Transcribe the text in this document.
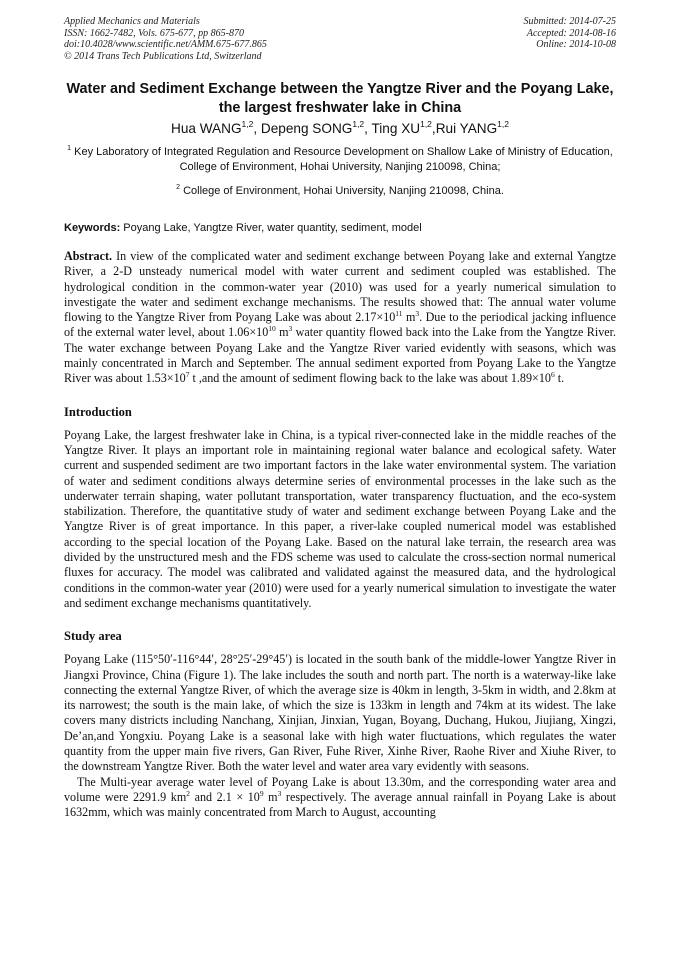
Applied Mechanics and Materials
ISSN: 1662-7482, Vols. 675-677, pp 865-870
doi:10.4028/www.scientific.net/AMM.675-677.865
© 2014 Trans Tech Publications Ltd, Switzerland
Submitted: 2014-07-25
Accepted: 2014-08-16
Online: 2014-10-08
Water and Sediment Exchange between the Yangtze River and the Poyang Lake, the largest freshwater lake in China
Hua WANG$^{1,2}$, Depeng SONG$^{1,2}$, Ting XU$^{1,2}$,Rui YANG$^{1,2}$
$^1$ Key Laboratory of Integrated Regulation and Resource Development on Shallow Lake of Ministry of Education, College of Environment, Hohai University, Nanjing 210098, China;
$^2$ College of Environment, Hohai University, Nanjing 210098, China.
Keywords: Poyang Lake, Yangtze River, water quantity, sediment, model
Abstract. In view of the complicated water and sediment exchange between Poyang lake and external Yangtze River, a 2-D unsteady numerical model with water current and sediment coupled was established. The hydrological condition in the common-water year (2010) was used for a yearly numerical simulation to investigate the water and sediment exchange mechanisms. The results showed that: The annual water volume flowing to the Yangtze River from Poyang Lake was about $2.17\times 10^{11}$ $m^3$. Due to the periodical jacking influence of the external water level, about $1.06\times 10^{10}$ $m^3$ water quantity flowed back into the Lake from the Yangtze River. The water exchange between Poyang Lake and the Yangtze River varied evidently with seasons, which was mainly concentrated in March and September. The annual sediment exported from Poyang Lake to the Yangtze River was about $1.53\times 10^7$ t ,and the amount of sediment flowing back to the lake was about $1.89\times 10^6$ t.
Introduction
Poyang Lake, the largest freshwater lake in China, is a typical river-connected lake in the middle reaches of the Yangtze River. It plays an important role in maintaining regional water balance and ecological safety. Water current and suspended sediment are two important factors in the lake water environmental system. The variation of water and sediment conditions always determine series of environmental processes in the lake such as the underwater terrain shaping, water pollutant transportation, water transparency fluctuation, and the eco-system stabilization. Therefore, the quantitative study of water and sediment exchange between Poyang Lake and the Yangtze River is of great importance. In this paper, a river-lake coupled numerical model was established according to the special location of the Poyang Lake. Based on the natural lake terrain, the research area was divided by the unstructured mesh and the FDS scheme was used to calculate the cross-section normal numerical fluxes for accuracy. The model was calibrated and validated against the measured data, and the hydrological conditions in the common-water year (2010) were used for a yearly numerical simulation to investigate the water and sediment exchange mechanisms quantitatively.
Study area
Poyang Lake (115°50′-116°44′, 28°25′-29°45′) is located in the south bank of the middle-lower Yangtze River in Jiangxi Province, China (Figure 1). The lake includes the south and north part. The north is a waterway-like lake connecting the external Yangtze River, of which the average size is 40km in length, 3-5km in width, and 2.8km at its narrowest; the south is the main lake, of which the size is 133km in length and 74km at its widest. The lake covers many districts including Nanchang, Xinjian, Jinxian, Yugan, Boyang, Duchang, Hukou, Jiujiang, Xingzi, De’an,and Yongxiu. Poyang Lake is a seasonal lake with high water fluctuations, which regulates the water quantity from the upper main five rivers, Gan River, Fuhe River, Xinhe River, Raohe River and Xiuhe River, to the downstream Yangtze River. Both the water level and water area vary evidently with seasons.
The Multi-year average water level of Poyang Lake is about 13.30m, and the corresponding water area and volume were 2291.9 $km^2$ and $2.1 \times 10^9$ $m^3$ respectively. The average annual rainfall in Poyang Lake is about 1632mm, which was mainly concentrated from March to August, accounting
